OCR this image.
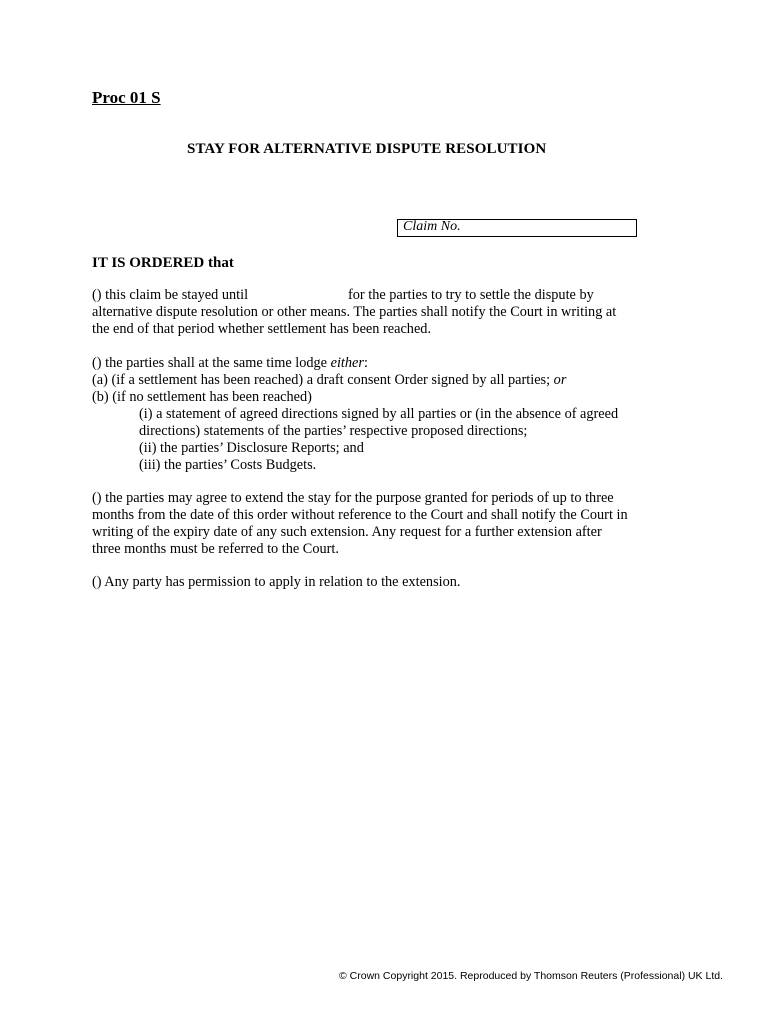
Proc 01 S
STAY FOR ALTERNATIVE DISPUTE RESOLUTION
Claim No.
IT IS ORDERED that
() this claim be stayed until	for the parties to try to settle the dispute by
alternative dispute resolution or other means. The parties shall notify the Court in writing at
the end of that period whether settlement has been reached.
() the parties shall at the same time lodge either:
(a) (if a settlement has been reached) a draft consent Order signed by all parties; or
(b) (if no settlement has been reached)
(i) a statement of agreed directions signed by all parties or (in the absence of agreed
directions) statements of the parties’ respective proposed directions;
(ii) the parties’ Disclosure Reports; and
(iii) the parties’ Costs Budgets.
() the parties may agree to extend the stay for the purpose granted for periods of up to three
months from the date of this order without reference to the Court and shall notify the Court in
writing of the expiry date of any such extension. Any request for a further extension after
three months must be referred to the Court.
() Any party has permission to apply in relation to the extension.
© Crown Copyright 2015. Reproduced by Thomson Reuters (Professional) UK Ltd.
